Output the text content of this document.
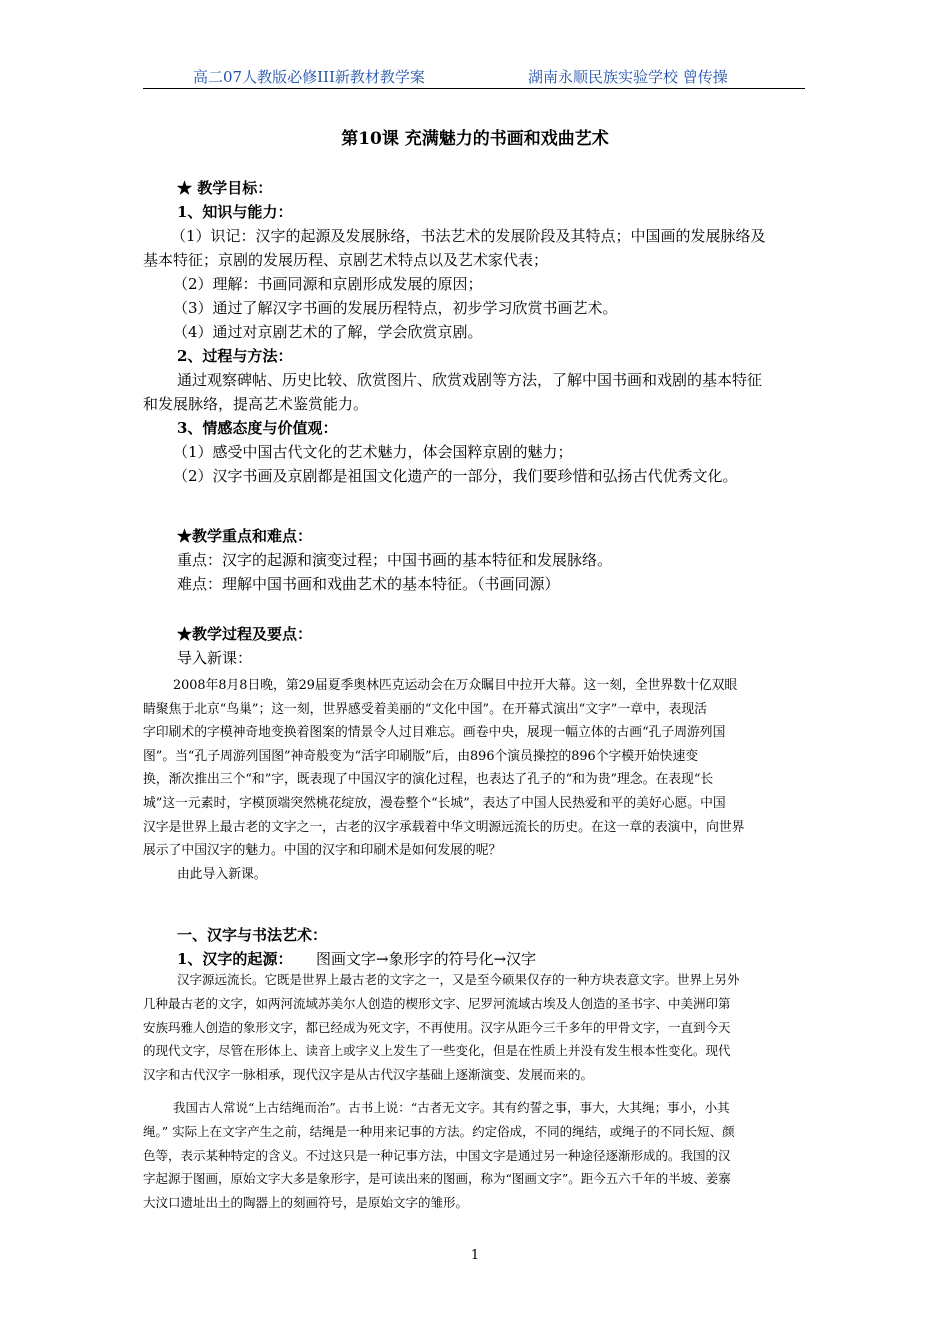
高二07人教版必修III新教材教学案	湖南永顺民族实验学校 曾传操
第10课 充满魅力的书画和戏曲艺术
★ 教学目标：
1、知识与能力：
（1）识记：汉字的起源及发展脉络，书法艺术的发展阶段及其特点；中国画的发展脉络及
基本特征；京剧的发展历程、京剧艺术特点以及艺术家代表；
（2）理解：书画同源和京剧形成发展的原因；
（3）通过了解汉字书画的发展历程特点，初步学习欣赏书画艺术。
（4）通过对京剧艺术的了解，学会欣赏京剧。
2、过程与方法：
通过观察碑帖、历史比较、欣赏图片、欣赏戏剧等方法，了解中国书画和戏剧的基本特征
和发展脉络，提高艺术鉴赏能力。
3、情感态度与价值观：
（1）感受中国古代文化的艺术魅力，体会国粹京剧的魅力；
（2）汉字书画及京剧都是祖国文化遗产的一部分，我们要珍惜和弘扬古代优秀文化。
★教学重点和难点：
重点：汉字的起源和演变过程；中国书画的基本特征和发展脉络。
难点：理解中国书画和戏曲艺术的基本特征。（书画同源）
★教学过程及要点：
导入新课：
2008年8月8日晚，第29届夏季奥林匹克运动会在万众瞩目中拉开大幕。这一刻，全世界数十亿双眼
睛聚焦于北京“鸟巢”；这一刻，世界感受着美丽的“文化中国”。在开幕式演出“文字”一章中，表现活
字印刷术的字模神奇地变换着图案的情景令人过目难忘。画卷中央，展现一幅立体的古画“孔子周游列国
图”。当“孔子周游列国图”神奇般变为“活字印刷版”后，由896个演员操控的896个字模开始快速变
换，渐次推出三个“和”字，既表现了中国汉字的演化过程，也表达了孔子的“和为贵”理念。在表现“长
城”这一元素时，字模顶端突然桃花绽放，漫卷整个“长城”，表达了中国人民热爱和平的美好心愿。中国
汉字是世界上最古老的文字之一，古老的汉字承载着中华文明源远流长的历史。在这一章的表演中，向世界
展示了中国汉字的魅力。中国的汉字和印刷术是如何发展的呢？
由此导入新课。
一、汉字与书法艺术：
1、汉字的起源： 图画文字→象形字的符号化→汉字
汉字源远流长。它既是世界上最古老的文字之一，又是至今硕果仅存的一种方块表意文字。世界上另外
几种最古老的文字，如两河流域苏美尔人创造的楔形文字、尼罗河流域古埃及人创造的圣书字、中美洲印第
安族玛雅人创造的象形文字，都已经成为死文字，不再使用。汉字从距今三千多年的甲骨文字，一直到今天
的现代文字，尽管在形体上、读音上或字义上发生了一些变化，但是在性质上并没有发生根本性变化。现代
汉字和古代汉字一脉相承，现代汉字是从古代汉字基础上逐渐演变、发展而来的。
我国古人常说“上古结绳而治”。古书上说：“古者无文字。其有约誓之事，事大，大其绳；事小，小其
绳。” 实际上在文字产生之前，结绳是一种用来记事的方法。约定俗成，不同的绳结，或绳子的不同长短、颜
色等，表示某种特定的含义。不过这只是一种记事方法，中国文字是通过另一种途径逐渐形成的。我国的汉
字起源于图画，原始文字大多是象形字，是可读出来的图画，称为“图画文字”。距今五六千年的半坡、姜寨
大汶口遗址出土的陶器上的刻画符号，是原始文字的雏形。
1
